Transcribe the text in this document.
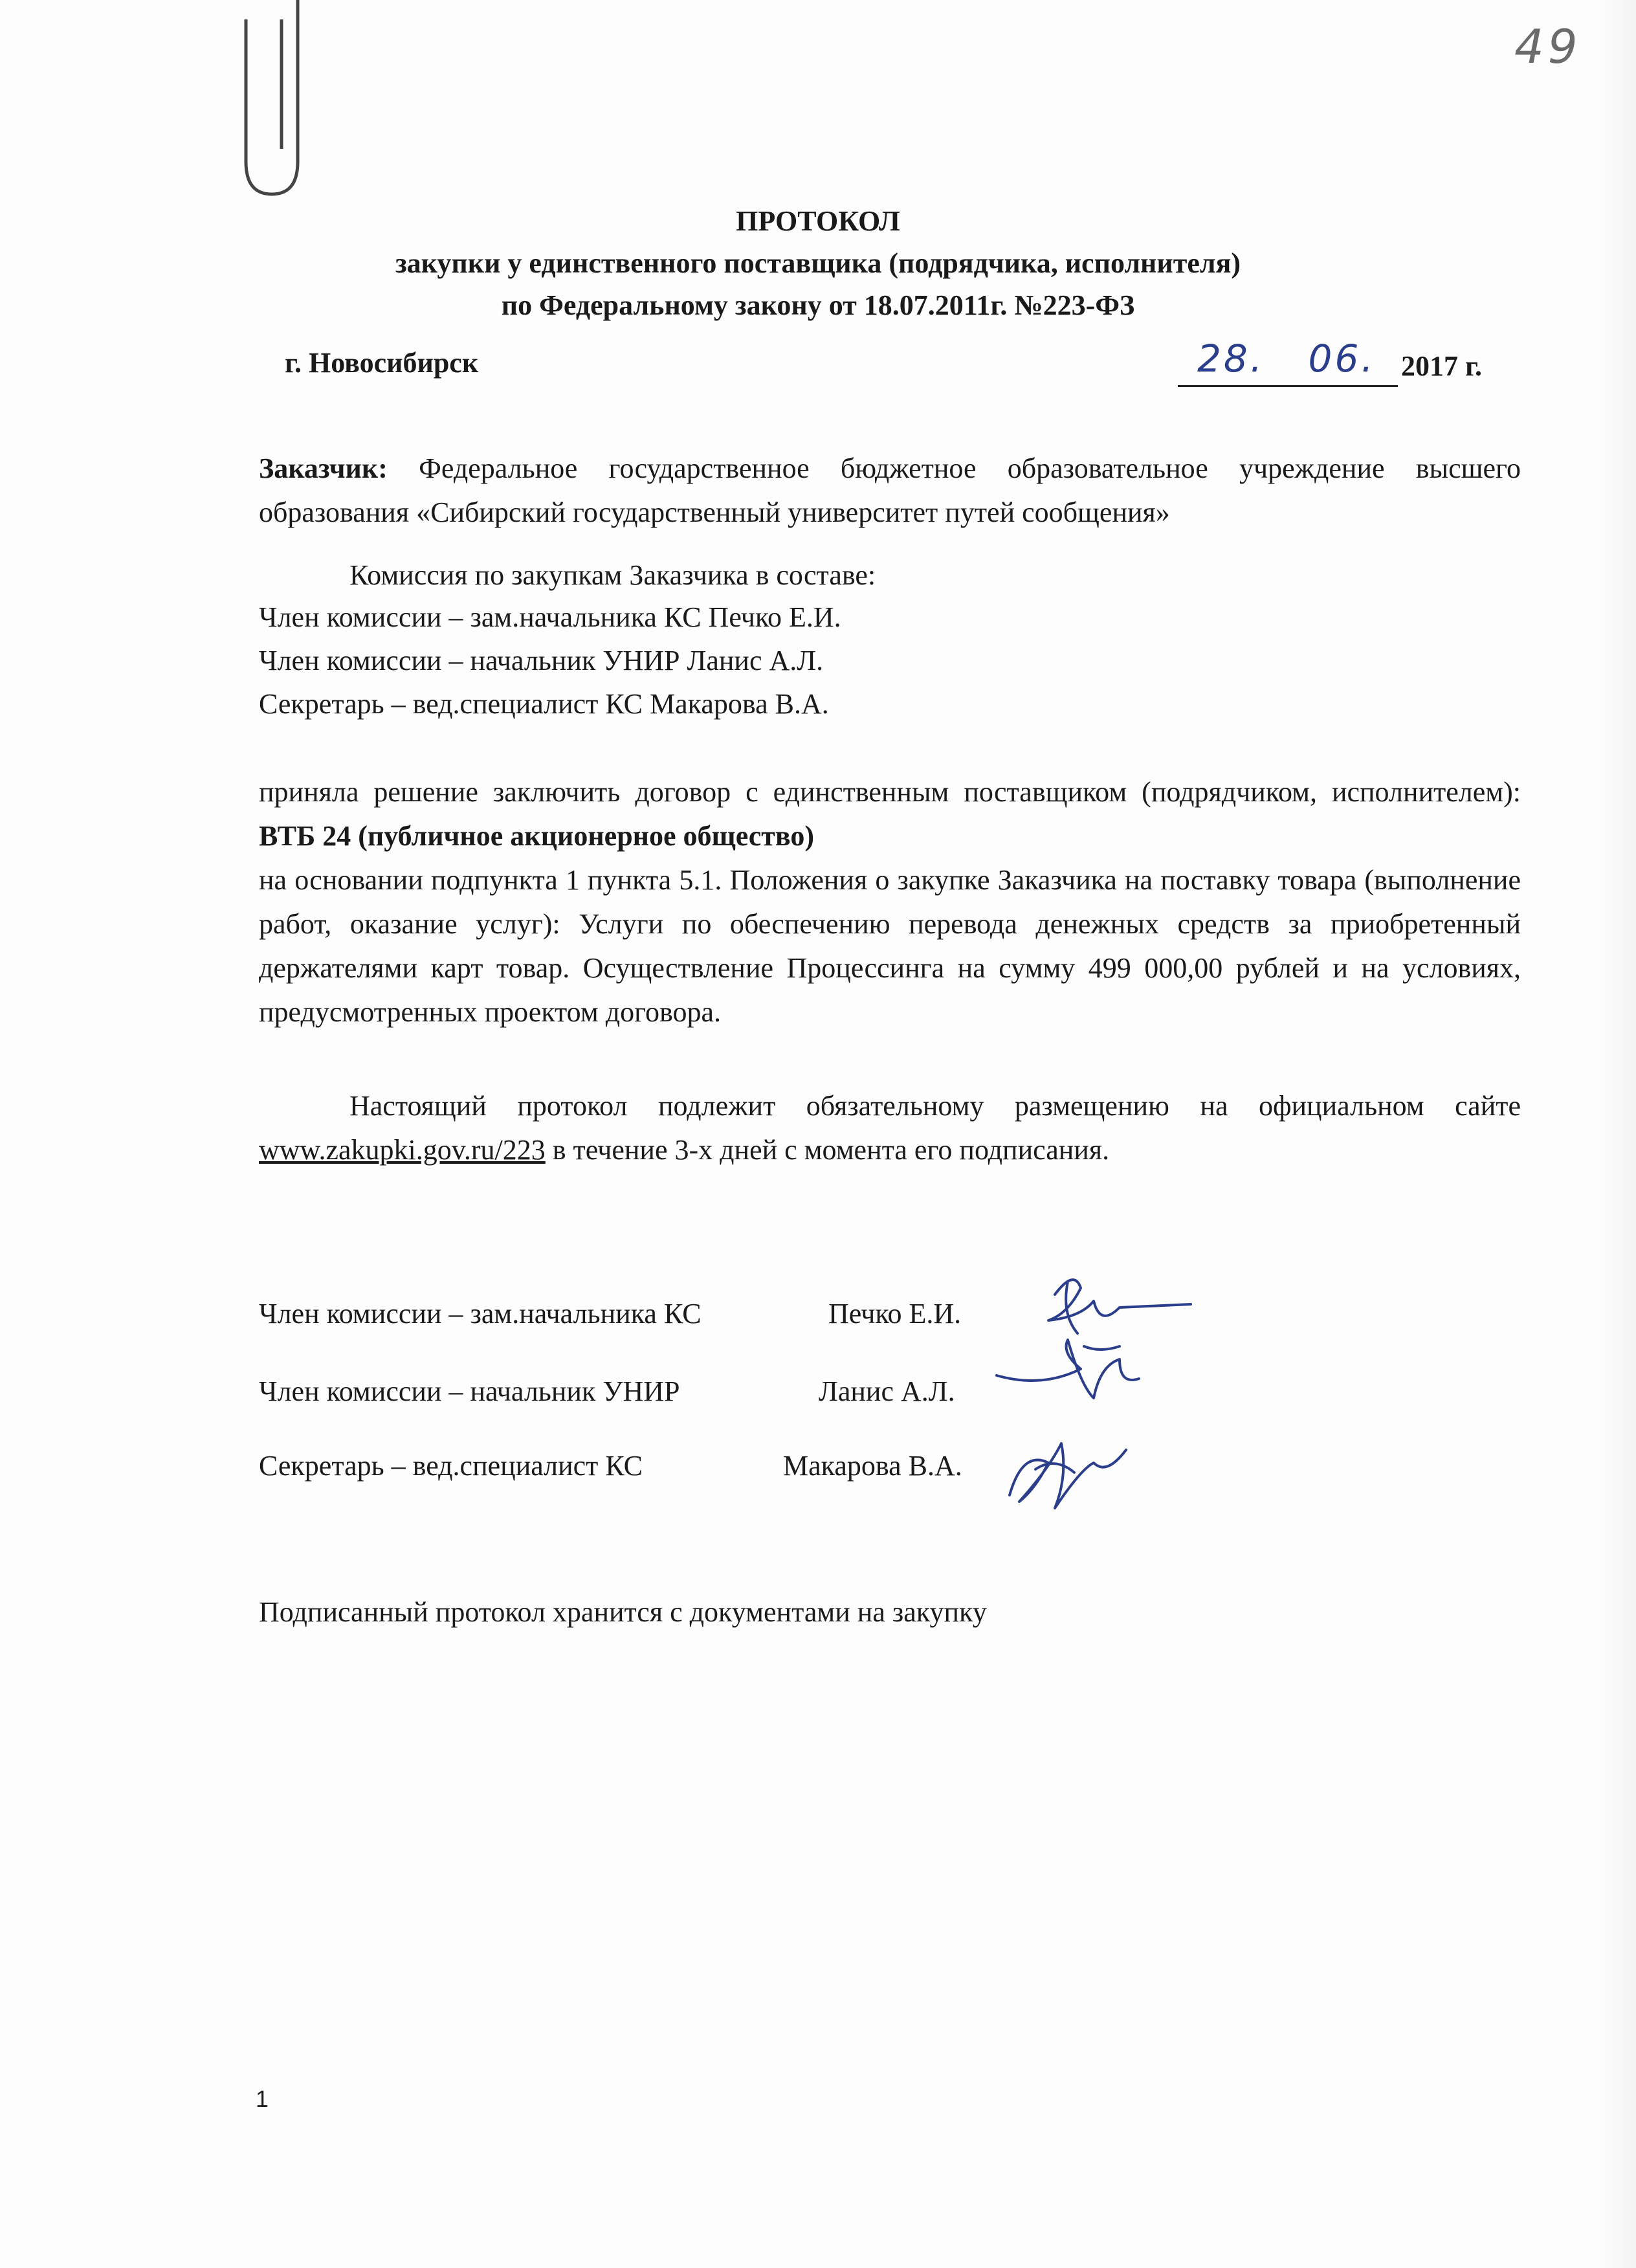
49
ПРОТОКОЛ
закупки у единственного поставщика (подрядчика, исполнителя)
по Федеральному закону от 18.07.2011г. №223-ФЗ
г. Новосибирск	28.   06. 2017 г.
Заказчик: Федеральное государственное бюджетное образовательное учреждение высшего образования «Сибирский государственный университет путей сообщения»
Комиссия по закупкам Заказчика в составе:
Член комиссии – зам.начальника КС Печко Е.И.
Член комиссии – начальник УНИР Ланис А.Л.
Секретарь – вед.специалист КС Макарова В.А.
приняла решение заключить договор с единственным поставщиком (подрядчиком, исполнителем): ВТБ 24 (публичное акционерное общество)
на основании подпункта 1 пункта 5.1. Положения о закупке Заказчика на поставку товара (выполнение работ, оказание услуг): Услуги по обеспечению перевода денежных средств за приобретенный держателями карт товар. Осуществление Процессинга на сумму 499 000,00 рублей и на условиях, предусмотренных проектом договора.
Настоящий протокол подлежит обязательному размещению на официальном сайте www.zakupki.gov.ru/223 в течение 3-х дней с момента его подписания.
Член комиссии – зам.начальника КС	Печко Е.И.
Член комиссии – начальник УНИР	Ланис А.Л.
Секретарь – вед.специалист КС	Макарова В.А.
Подписанный протокол хранится с документами на закупку
1
